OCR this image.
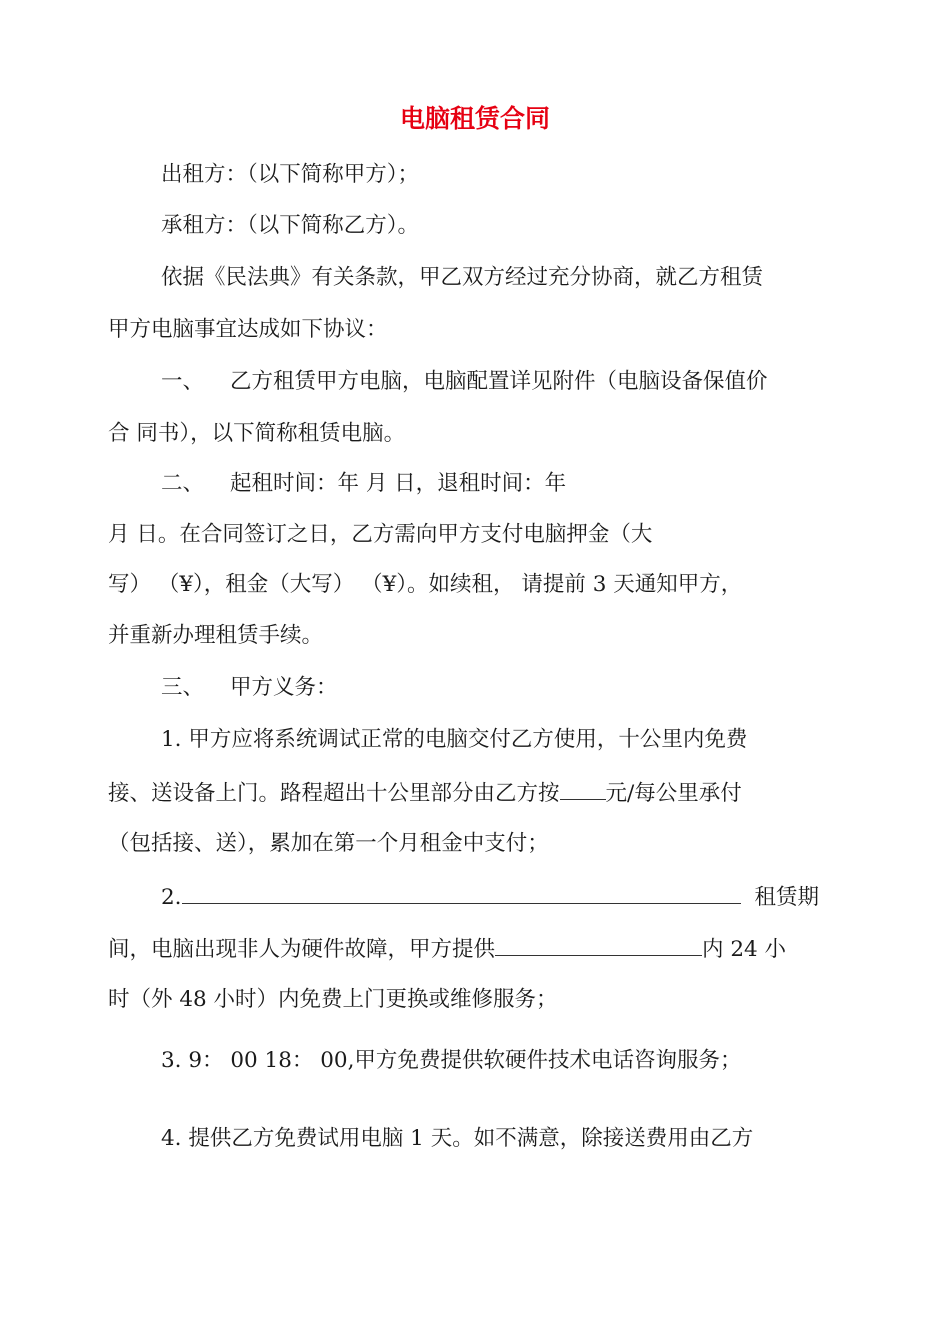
电脑租赁合同

出租方：（以下简称甲方）；

承租方：（以下简称乙方）。

依据《民法典》有关条款，甲乙双方经过充分协商，就乙方租赁

甲方电脑事宜达成如下协议：

一、 乙方租赁甲方电脑，电脑配置详见附件（电脑设备保值价

合 同书），以下简称租赁电脑。

二、 起租时间：年 月 日，退租时间：年

月 日。在合同签订之日，乙方需向甲方支付电脑押金（大

写） （¥），租金（大写） （¥）。如续租， 请提前 3 天通知甲方，

并重新办理租赁手续。

三、 甲方义务：

1. 甲方应将系统调试正常的电脑交付乙方使用，十公里内免费

接、送设备上门。路程超出十公里部分由乙方按 元/每公里承付

（包括接、送），累加在第一个月租金中支付；

2.	租赁期
间，电脑出现非人为硬件故障，甲方提供	内 24 小

时（外 48 小时）内免费上门更换或维修服务；

3. 9： 00 18： 00,甲方免费提供软硬件技术电话咨询服务；

4. 提供乙方免费试用电脑 1 天。如不满意，除接送费用由乙方
